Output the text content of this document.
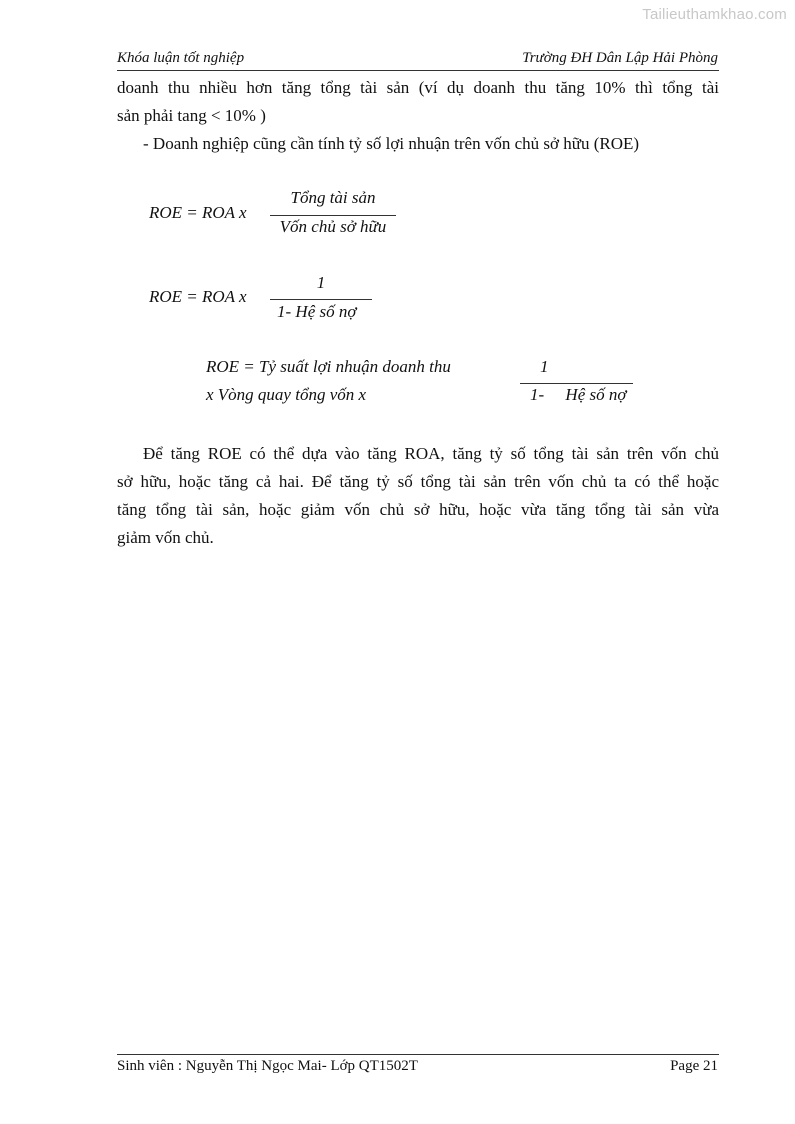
Tailieuthamkhao.com
Khóa luận tốt nghiệp	Trường ĐH Dân Lập Hải Phòng
doanh thu nhiều hơn tăng tổng tài sản (ví dụ doanh thu tăng 10% thì tổng tài
sản phải tang < 10% )
- Doanh nghiệp cũng cần tính tỷ số lợi nhuận trên vốn chủ sở hữu (ROE)
ROE = ROA x
Tổng tài sản
Vốn chủ sở hữu
ROE = ROA x
1
1- Hệ số nợ
ROE = Tỷ suất lợi nhuận doanh thu
x Vòng quay tổng vốn x
1
1-     Hệ số nợ
Để tăng ROE có thể dựa vào tăng ROA, tăng tỷ số tổng tài sản trên vốn chủ
sở hữu, hoặc tăng cả hai. Để tăng tỷ số tổng tài sản trên vốn chủ ta có thể hoặc
tăng tổng tài sản, hoặc giảm vốn chủ sở hữu, hoặc vừa tăng tổng tài sản vừa
giảm vốn chủ.
Sinh viên : Nguyễn Thị Ngọc Mai- Lớp QT1502T	Page 21
